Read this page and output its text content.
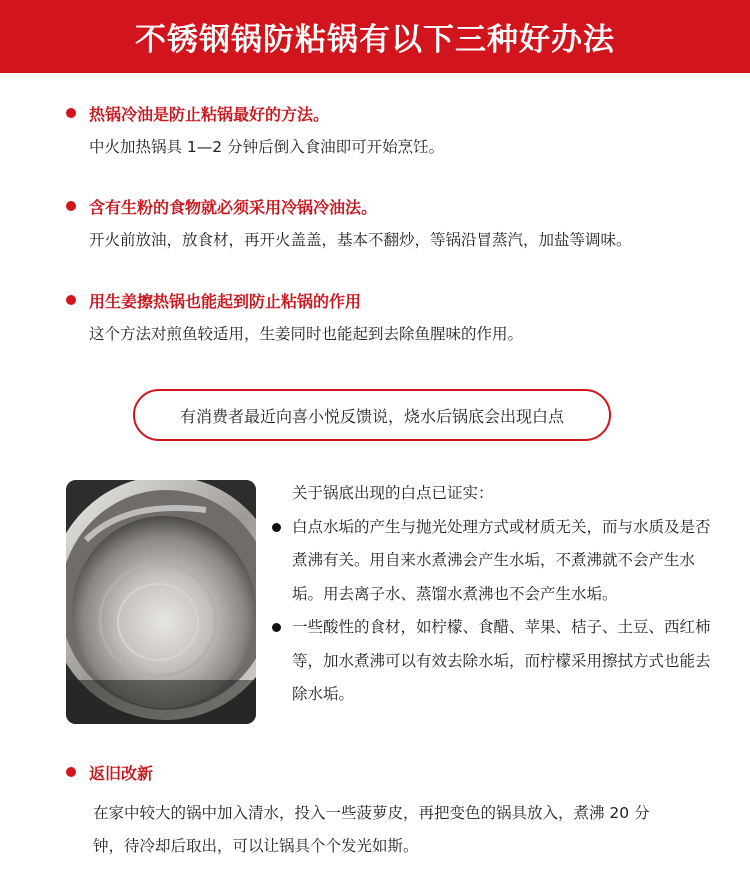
不锈钢锅防粘锅有以下三种好办法
热锅冷油是防止粘锅最好的方法。
中火加热锅具 1—2 分钟后倒入食油即可开始烹饪。
含有生粉的食物就必须采用冷锅冷油法。
开火前放油，放食材，再开火盖盖，基本不翻炒，等锅沿冒蒸汽，加盐等调味。
用生姜擦热锅也能起到防止粘锅的作用
这个方法对煎鱼较适用，生姜同时也能起到去除鱼腥味的作用。
有消费者最近向喜小悦反馈说，烧水后锅底会出现白点
关于锅底出现的白点已证实：
白点水垢的产生与抛光处理方式或材质无关，而与水质及是否煮沸有关。用自来水煮沸会产生水垢，不煮沸就不会产生水垢。用去离子水、蒸馏水煮沸也不会产生水垢。
一些酸性的食材，如柠檬、食醋、苹果、桔子、土豆、西红柿等，加水煮沸可以有效去除水垢，而柠檬采用擦拭方式也能去除水垢。
返旧改新
在家中较大的锅中加入清水，投入一些菠萝皮，再把变色的锅具放入，煮沸 20 分钟，待冷却后取出，可以让锅具个个发光如斯。
